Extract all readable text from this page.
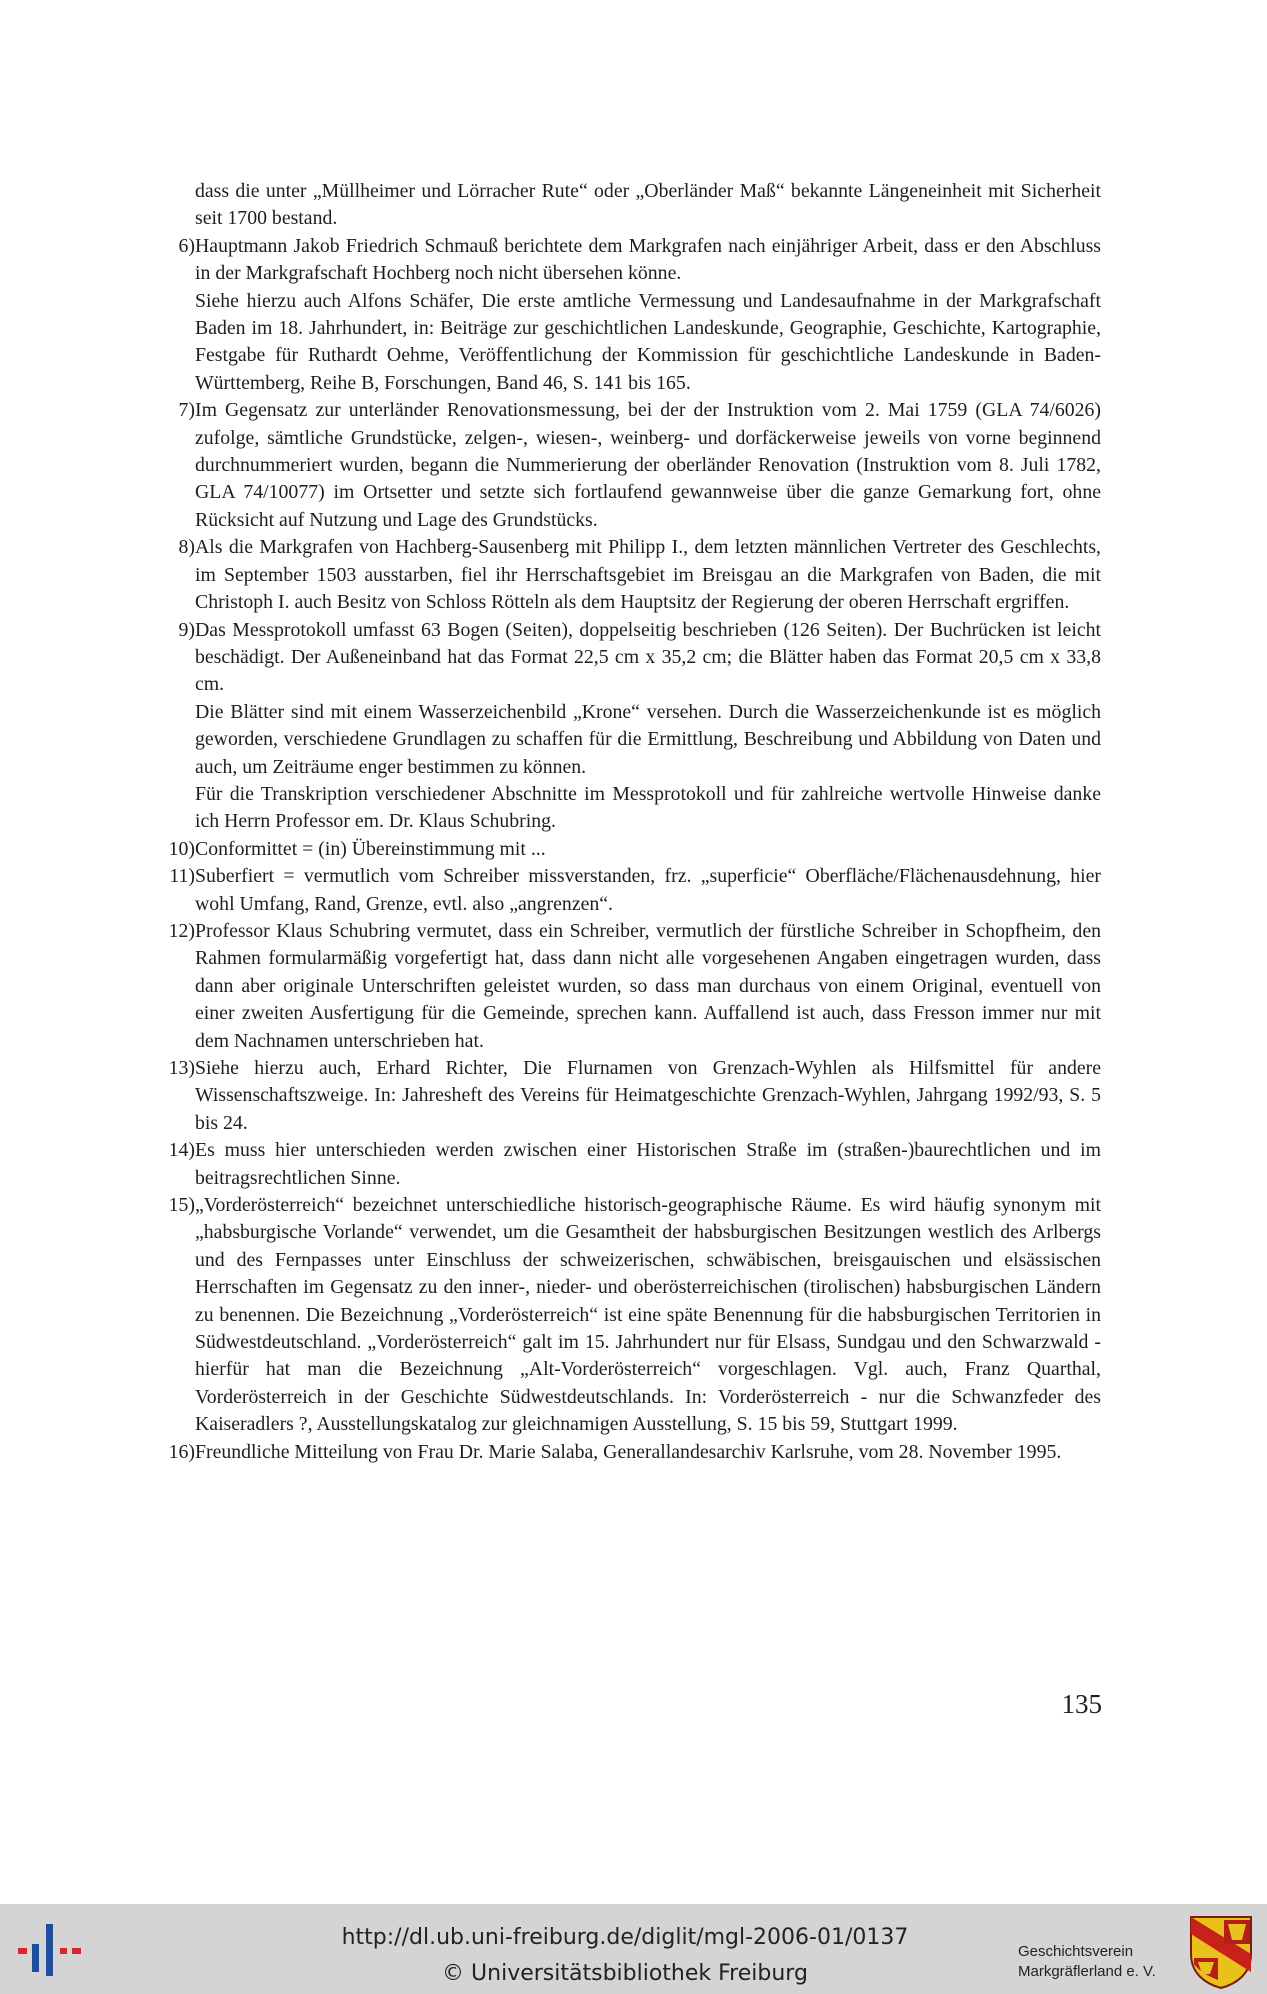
dass die unter „Müllheimer und Lörracher Rute“ oder „Oberländer Maß“ bekannte Längeneinheit mit Sicherheit seit 1700 bestand.

6) Hauptmann Jakob Friedrich Schmauß berichtete dem Markgrafen nach einjähriger Arbeit, dass er den Abschluss in der Markgrafschaft Hochberg noch nicht übersehen könne.

Siehe hierzu auch Alfons Schäfer, Die erste amtliche Vermessung und Landesaufnahme in der Markgrafschaft Baden im 18. Jahrhundert, in: Beiträge zur geschichtlichen Landeskunde, Geographie, Geschichte, Kartographie, Festgabe für Ruthardt Oehme, Veröffentlichung der Kommission für geschichtliche Landeskunde in Baden-Württemberg, Reihe B, Forschungen, Band 46, S. 141 bis 165.

7) Im Gegensatz zur unterländer Renovationsmessung, bei der der Instruktion vom 2. Mai 1759 (GLA 74/6026) zufolge, sämtliche Grundstücke, zelgen-, wiesen-, weinberg- und dorfäckerweise jeweils von vorne beginnend durchnummeriert wurden, begann die Nummerierung der oberländer Renovation (Instruktion vom 8. Juli 1782, GLA 74/10077) im Ortsetter und setzte sich fortlaufend gewannweise über die ganze Gemarkung fort, ohne Rücksicht auf Nutzung und Lage des Grundstücks.

8) Als die Markgrafen von Hachberg-Sausenberg mit Philipp I., dem letzten männlichen Vertreter des Geschlechts, im September 1503 ausstarben, fiel ihr Herrschaftsgebiet im Breisgau an die Markgrafen von Baden, die mit Christoph I. auch Besitz von Schloss Rötteln als dem Hauptsitz der Regierung der oberen Herrschaft ergriffen.

9) Das Messprotokoll umfasst 63 Bogen (Seiten), doppelseitig beschrieben (126 Seiten). Der Buchrücken ist leicht beschädigt. Der Außeneinband hat das Format 22,5 cm x 35,2 cm; die Blätter haben das Format 20,5 cm x 33,8 cm.

Die Blätter sind mit einem Wasserzeichenbild „Krone“ versehen. Durch die Wasserzeichenkunde ist es möglich geworden, verschiedene Grundlagen zu schaffen für die Ermittlung, Beschreibung und Abbildung von Daten und auch, um Zeiträume enger bestimmen zu können.

Für die Transkription verschiedener Abschnitte im Messprotokoll und für zahlreiche wertvolle Hinweise danke ich Herrn Professor em. Dr. Klaus Schubring.

10) Conformittet = (in) Übereinstimmung mit ...

11) Suberfiert = vermutlich vom Schreiber missverstanden, frz. „superficie“ Oberfläche/Flächenausdehnung, hier wohl Umfang, Rand, Grenze, evtl. also „angrenzen“.

12) Professor Klaus Schubring vermutet, dass ein Schreiber, vermutlich der fürstliche Schreiber in Schopfheim, den Rahmen formularmäßig vorgefertigt hat, dass dann nicht alle vorgesehenen Angaben eingetragen wurden, dass dann aber originale Unterschriften geleistet wurden, so dass man durchaus von einem Original, eventuell von einer zweiten Ausfertigung für die Gemeinde, sprechen kann. Auffallend ist auch, dass Fresson immer nur mit dem Nachnamen unterschrieben hat.

13) Siehe hierzu auch, Erhard Richter, Die Flurnamen von Grenzach-Wyhlen als Hilfsmittel für andere Wissenschaftszweige. In: Jahresheft des Vereins für Heimatgeschichte Grenzach-Wyhlen, Jahrgang 1992/93, S. 5 bis 24.

14) Es muss hier unterschieden werden zwischen einer Historischen Straße im (straßen-)baurechtlichen und im beitragsrechtlichen Sinne.

15) „Vorderösterreich“ bezeichnet unterschiedliche historisch-geographische Räume. Es wird häufig synonym mit „habsburgische Vorlande“ verwendet, um die Gesamtheit der habsburgischen Besitzungen westlich des Arlbergs und des Fernpasses unter Einschluss der schweizerischen, schwäbischen, breisgauischen und elsässischen Herrschaften im Gegensatz zu den inner-, nieder- und oberösterreichischen (tirolischen) habsburgischen Ländern zu benennen. Die Bezeichnung „Vorderösterreich“ ist eine späte Benennung für die habsburgischen Territorien in Südwestdeutschland. „Vorderösterreich“ galt im 15. Jahrhundert nur für Elsass, Sundgau und den Schwarzwald - hierfür hat man die Bezeichnung „Alt-Vorderösterreich“ vorgeschlagen. Vgl. auch, Franz Quarthal, Vorderösterreich in der Geschichte Südwestdeutschlands. In: Vorderösterreich - nur die Schwanzfeder des Kaiseradlers ?, Ausstellungskatalog zur gleichnamigen Ausstellung, S. 15 bis 59, Stuttgart 1999.

16) Freundliche Mitteilung von Frau Dr. Marie Salaba, Generallandesarchiv Karlsruhe, vom 28. November 1995.

135
http://dl.ub.uni-freiburg.de/diglit/mgl-2006-01/0137
© Universitätsbibliothek Freiburg
Geschichtsverein
Markgräflerland e. V.
